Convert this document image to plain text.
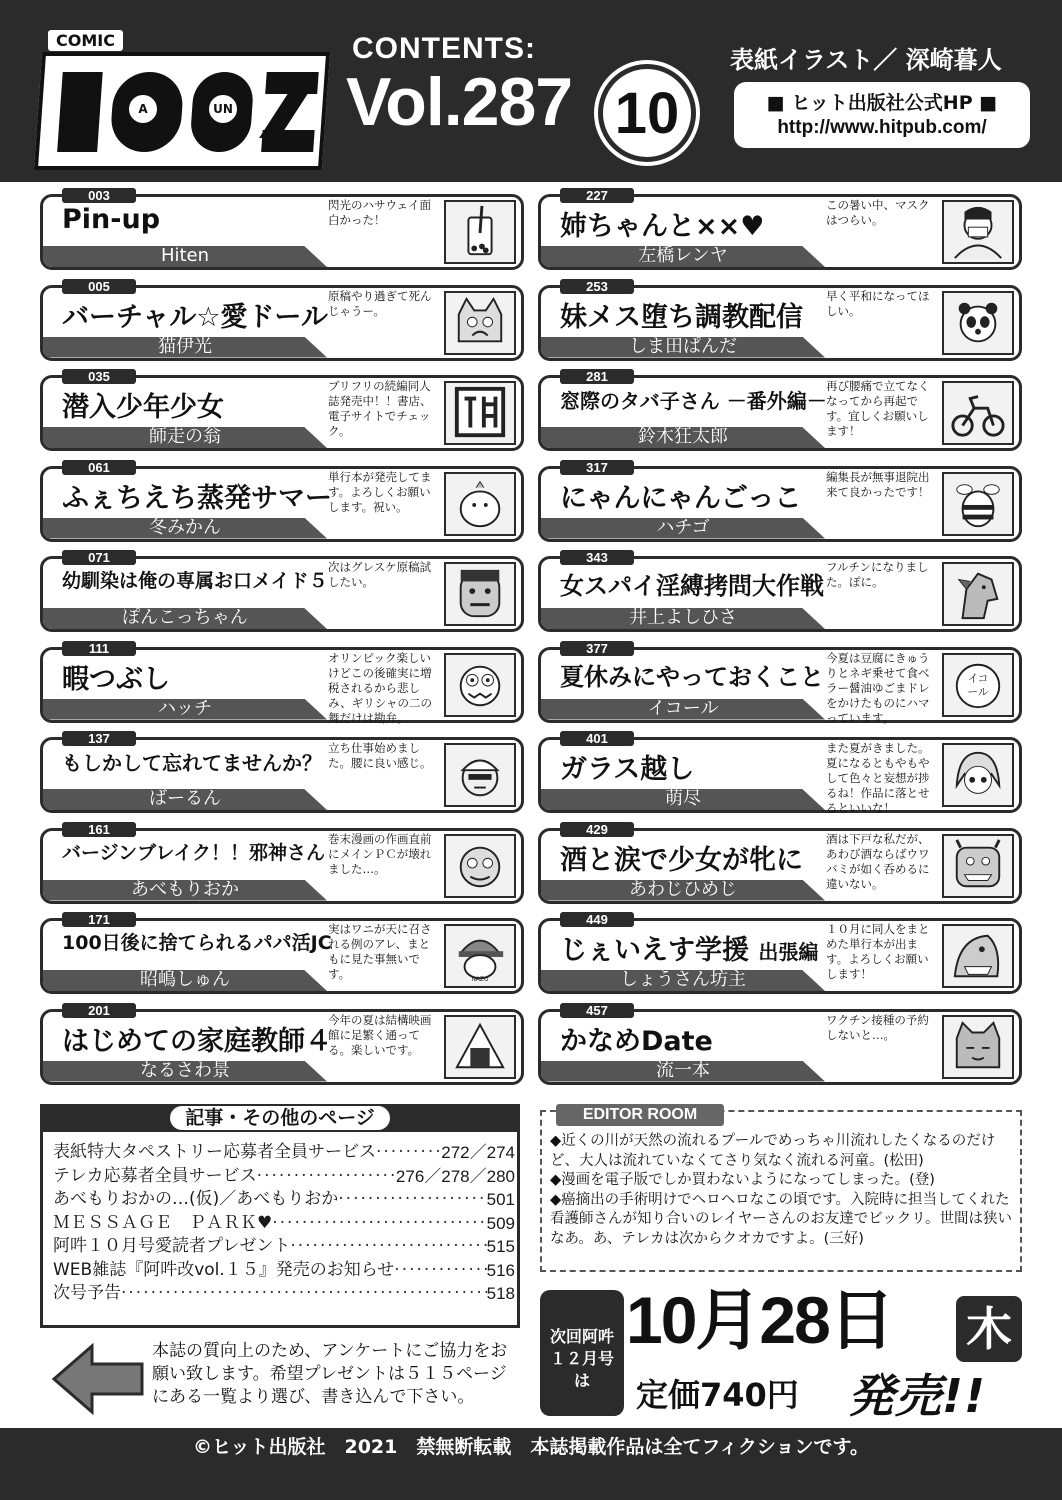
COMIC
A	UN
CONTENTS:
Vol.287 10
表紙イラスト／ 深崎暮人
■ ヒット出版社公式HP ■
http://www.hitpub.com/
003
Pin-up
Hiten
閃光のハサウェイ面白かった！
005
バーチャル☆愛ドール
猫伊光
原稿やり過ぎて死んじゃうー。
035
潜入少年少女
師走の翁
ブリフリの続編同人誌発売中！！書店、電子サイトでチェック。
061
ふぇちえち蒸発サマー
冬みかん
単行本が発売してます。よろしくお願いします。祝い。
071
幼馴染は俺の専属お口メイド５
ぽんこっちゃん
次はグレスケ原稿試したい。
111
暇つぶし
ハッチ
オリンピック楽しいけどこの後確実に増税されるから悲しみ、ギリシャの二の舞だけは勘弁。
137
もしかして忘れてませんか？
ばーるん
立ち仕事始めました。腰に良い感じ。
161
バージンブレイク！！邪神さん
あべもりおか
巻末漫画の作画直前にメインＰＣが壊れました…。
171
100日後に捨てられるパパ活JC
昭嶋しゅん
実はワニが天に召される例のアレ、まともに見た事無いです。	NAZO
201
はじめての家庭教師４
なるさわ景
今年の夏は結構映画館に足繁く通ってる。楽しいです。
227
姉ちゃんと××♥
左橋レンヤ
この暑い中、マスクはつらい。
253
妹メス堕ち調教配信
しま田ぱんだ
早く平和になってほしい。
281
窓際のタバ子さん －番外編－
鈴木狂太郎
再び腰痛で立てなくなってから再起です。宜しくお願いします！
317
にゃんにゃんごっこ
ハチゴ
編集長が無事退院出来て良かったです！
343
女スパイ淫縛拷問大作戦
井上よしひさ
フルチンになりました。ぽに。
377
夏休みにやっておくこと
イコール
今夏は豆腐にきゅうりとネギ乗せて食べラー醤油ゆごまドレをかけたものにハマっています。
イコ
ール
401
ガラス越し
萌尽
また夏がきました。夏になるともやもやして色々と妄想が捗るね！作品に落とせるといいな！
429
酒と涙で少女が牝に
あわじひめじ
酒は下戸な私だが、あわび酒ならばウワバミが如く呑めるに違いない。
449
じぇいえす学援 出張編
しょうさん坊主
１０月に同人をまとめた単行本が出ます。よろしくお願いします！
457
かなめDate
流一本
ワクチン接種の予約しないと…。
記事・その他のページ
表紙特大タペストリー応募者全員サービス ·····	272／274
テレカ応募者全員サービス ·····	276／278／280
あべもりおかの…(仮)／あべもりおか ·····	501
ＭＥＳＳＡＧＥ　ＰＡＲＫ♥ ·····	509
阿吽１０月号愛読者プレゼント ·····	515
WEB雑誌『阿吽改vol.１５』発売のお知らせ ·····	516
次号予告 ·····	518
EDITOR ROOM
◆近くの川が天然の流れるプールでめっちゃ川流れしたくなるのだけど、大人は流れていなくてさり気なく流れる河童。(松田)
◆漫画を電子版でしか買わないようになってしまった。(登)
◆癌摘出の手術明けでヘロヘロなこの頃です。入院時に担当してくれた看護師さんが知り合いのレイヤーさんのお友達でビックリ。世間は狭いなあ。あ、テレカは次からクオカですよ。(三好)
次回阿吽１２月号は
10月28日 木
定価740円 発売!!
本誌の質向上のため、アンケートにご協力をお願い致します。希望プレゼントは５１５ページにある一覧より選び、書き込んで下さい。
©ヒット出版社　2021　禁無断転載　本誌掲載作品は全てフィクションです。
